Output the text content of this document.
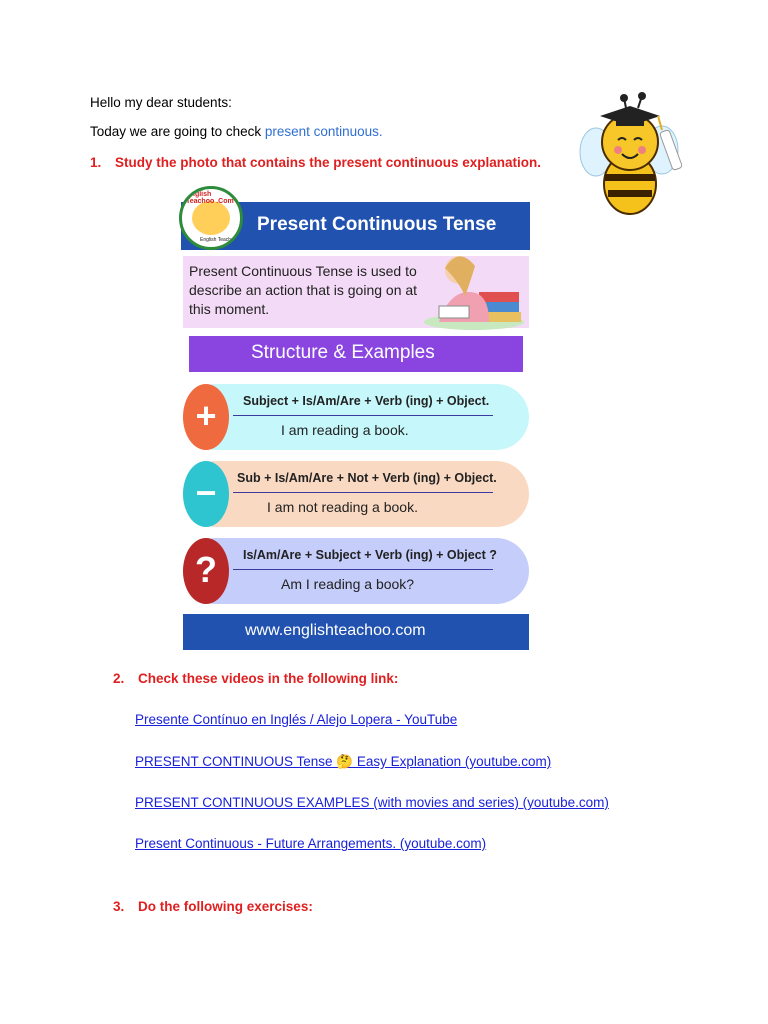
Hello my dear students:
Today we are going to check present continuous.
1. Study the photo that contains the present continuous explanation.
Present Continuous Tense
English Teachoo .Com
English Teachoo
Present Continuous Tense is used to describe an action that is going on at this moment.
Structure & Examples
+	Subject + Is/Am/Are + Verb (ing) + Object.
I am reading a book.
−	Sub + Is/Am/Are + Not + Verb (ing) + Object.
I am not reading a book.
?	Is/Am/Are + Subject + Verb (ing) + Object ?
Am I reading a book?
www.englishteachoo.com
2. Check these videos in the following link:
Presente Contínuo en Inglés / Alejo Lopera - YouTube
PRESENT CONTINUOUS Tense 🤔 Easy Explanation (youtube.com)
PRESENT CONTINUOUS EXAMPLES (with movies and series) (youtube.com)
Present Continuous - Future Arrangements. (youtube.com)
3. Do the following exercises:
